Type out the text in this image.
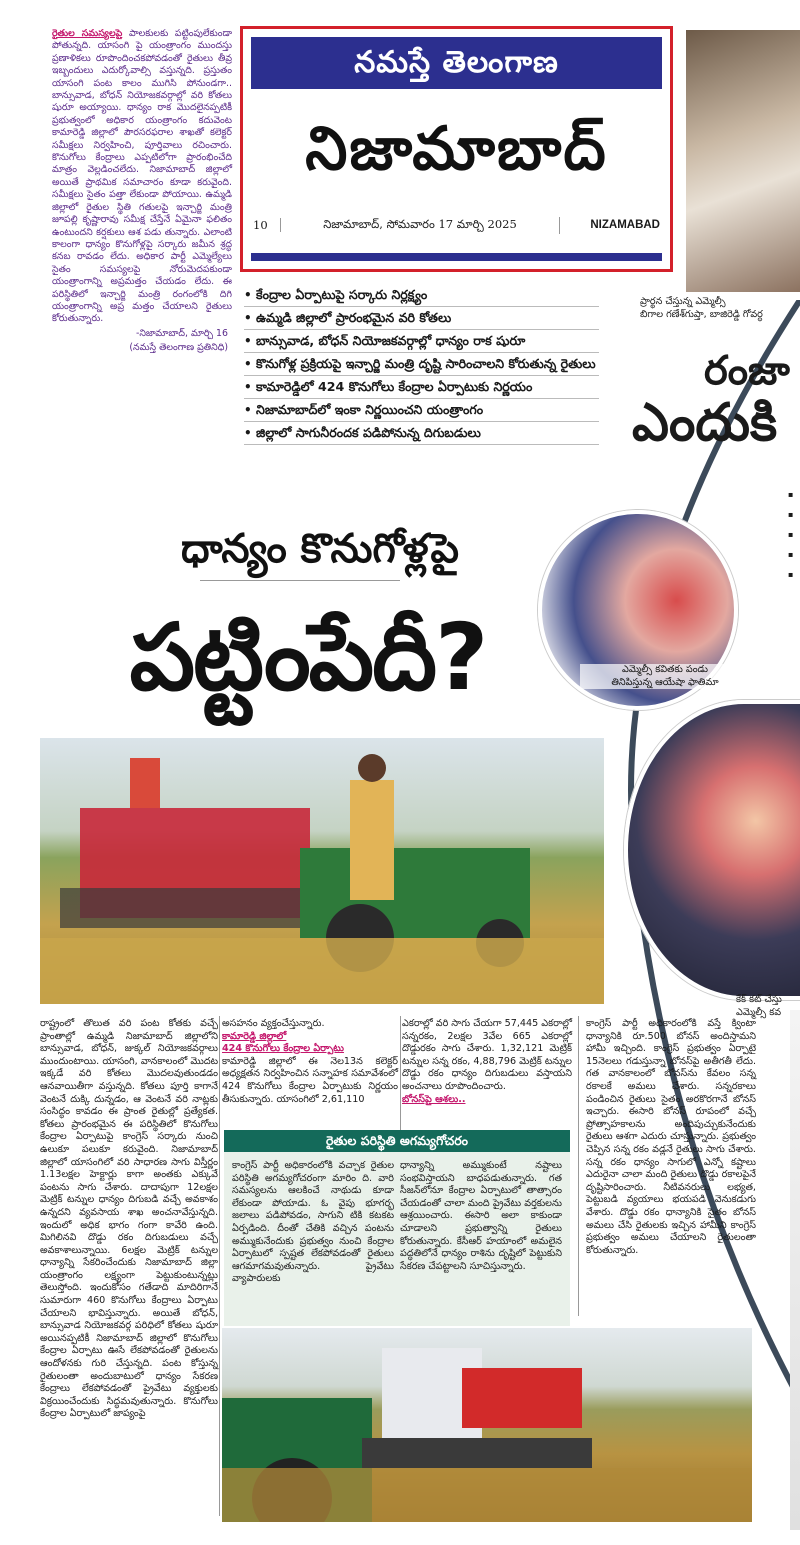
రైతుల సమస్యలపై పాలకులకు పట్టింపులేకుండా పోతున్నది. యాసంగి పై యంత్రాంగం ముందస్తు ప్రణాళికలు రూపొందించకపోవడంతో రైతులు తీవ్ర ఇబ్బందులు ఎదుర్కోవాల్సి వస్తున్నది. ప్రస్తుతం యాసంగి పంట కాలం ముగిసి పోనుండగా.. బాన్సువాడ, బోధన్ నియోజకవర్గాల్లో వరి కోతలు షురూ అయ్యాయి. ధాన్యం రాక మొదలైనప్పటికీ ప్రభుత్వంలో అధికార యంత్రాంగం కదువెంట కామారెడ్డి జిల్లాలో పౌరసరఫరాల శాఖతో కలెక్టర్ సమీక్షలు నిర్వహించి, పూర్తివాలు రచించారు. కొనుగోలు కేంద్రాలు ఎప్పటిలోగా ప్రారంభించేది మాత్రం వెల్లడించలేదు. నిజామాబాద్ జిల్లాలో అయితే ప్రాథమిక సమాచారం కూడా కరువైంది. సమీక్షలు సైతం పత్తా లేకుండా పోయాయి. ఉమ్మడి జిల్లాలో రైతుల స్థితి గతులపై ఇన్చార్జి మంత్రి జూపల్లి కృష్ణారావు సమీక్ష చేస్తేనే ఏమైనా ఫలితం ఉంటుందని కర్షకులు ఆశ పడు తున్నారు. ఎలాంటి కాలంగా ధాన్యం కొనుగోళ్లపై సర్కారు జమీన శ్రద్ధ కనబ రావడం లేదు. అధికార పార్టీ ఎమ్మెల్యేలు సైతం సమస్యలపై నోరుమెదపకుండా యంత్రాంగాన్ని అప్రమత్తం చేయడం లేదు. ఈ పరిస్థితిలో ఇన్చార్జి మంత్రి రంగంలోకి దిగి యంత్రాంగాన్ని అప్ర మత్తం చేయాలని రైతులు కోరుతున్నారు.

-నిజామాబాద్, మార్చి 16

(నమస్తే తెలంగాణ ప్రతినిధి)

నమస్తే తెలంగాణ
నిజామాబాద్
10	నిజామాబాద్, సోమవారం 17 మార్చి 2025	NIZAMABAD
ప్రార్థన చేస్తున్న ఎమ్మెల్సీ
బిగాల గణేశ్‌గుప్తా, బాజిరెడ్డి గోవర్ధ
రంజా
ఎందుకి
▪
▪
▪
▪
▪
• కేంద్రాల ఏర్పాటుపై సర్కారు నిర్లక్ష్యం
• ఉమ్మడి జిల్లాలో ప్రారంభమైన వరి కోతలు
• బాన్సువాడ, బోధన్ నియోజకవర్గాల్లో ధాన్యం రాక షురూ
• కొనుగోళ్ల ప్రక్రియపై ఇన్చార్జి మంత్రి దృష్టి సారించాలని కోరుతున్న రైతులు
• కామారెడ్డిలో 424 కొనుగోలు కేంద్రాల ఏర్పాటుకు నిర్ణయం
• నిజామాబాద్‌లో ఇంకా నిర్ణయించని యంత్రాంగం
• జిల్లాలో సాగునీరందక పడిపోనున్న దిగుబడులు
ఎమ్మెల్సీ కవితకు పండు
తినిపిస్తున్న ఆయేషా ఫాతిమా
కేక్ కట్ చేస్తు
ఎమ్మెల్సీ కవ
ధాన్యం కొనుగోళ్లపై
పట్టింపేదీ?

రాష్ట్రంలో తొలుత వరి పంట కోతకు వచ్చే ప్రాంతాల్లో ఉమ్మడి నిజామాబాద్ జిల్లాలోని బాన్సువాడ, బోధన్, జుక్కల్ నియోజకవర్గాలు ముందుంటాయి. యాసంగి, వానకాలంలో మొదట ఇక్కడే వరి కోతలు మొదలవుతుండడం ఆనవాయితీగా వస్తున్నది. కోతలు పూర్తి కాగానే వెంటనే దుక్కి దున్నడం, ఆ వెంటనే వరి నాట్లకు సంసిద్ధం కావడం ఈ ప్రాంత రైతుల్లో ప్రత్యేకత. కోతలు ప్రారంభమైన ఈ పరిస్థితిలో కొనుగోలు కేంద్రాల ఏర్పాటుపై కాంగ్రెస్ సర్కారు నుంచి ఉలుకూ పలుకూ కరువైంది. నిజామాబాద్ జిల్లాలో యాసంగిలో వరి సాధారణ సాగు విస్తీర్ణం 1.13లక్షల హెక్టార్లు కాగా అంతకు ఎక్కువే పంటను సాగు చేశారు. దాదాపుగా 12లక్షల మెట్రిక్ టన్నుల ధాన్యం దిగుబడి వచ్చే అవకాశం ఉన్నదని వ్యవసాయ శాఖ అంచనావేస్తున్నది. ఇందులో అధిక భాగం గంగా కావేరి ఉంది. మిగిలినవి దొడ్డు రకం దిగుబడులు వచ్చే అవకాశాలున్నాయి. 6లక్షల మెట్రిక్ టన్నుల ధాన్యాన్ని సేకరించేందుకు నిజామాబాద్ జిల్లా యంత్రాంగం లక్ష్యంగా పెట్టుకుంటున్నట్లు తెలుస్తోంది. ఇందుకోసం గతేడాది మాదిరిగానే సుమారుగా 460 కొనుగోలు కేంద్రాలు ఏర్పాటు చేయాలని భావిస్తున్నారు. అయితే బోధన్, బాన్సువాడ నియోజకవర్గ పరిధిలో కోతలు షురూ అయినప్పటికీ నిజామాబాద్ జిల్లాలో కొనుగోలు కేంద్రాల ఏర్పాటు ఊసే లేకపోవడంతో రైతులను ఆందోళనకు గురి చేస్తున్నది. పంట కోస్తున్న రైతులంతా అందుబాటులో ధాన్యం సేకరణ కేంద్రాలు లేకపోవడంతో ప్రైవేటు వ్యక్తులకు విక్రయించేందుకు సిద్ధమవుతున్నారు. కొనుగోలు కేంద్రాల ఏర్పాటులో జాప్యంపై

అసహనం వ్యక్తంచేస్తున్నారు.

కామారెడ్డి జిల్లాలో

424 కొనుగోలు కేంద్రాల ఏర్పాటు

కామారెడ్డి జిల్లాలో ఈ నెల13న కలెక్టర్ అధ్యక్షతన నిర్వహించిన సన్నాహక సమావేశంలో 424 కొనుగోలు కేంద్రాల ఏర్పాటుకు నిర్ణయం తీసుకున్నారు. యాసంగిలో 2,61,110

ఎకరాల్లో వరి సాగు చేయగా 57,445 ఎకరాల్లో సన్నరకం, 2లక్షల 3వేల 665 ఎకరాల్లో దొడ్డురకం సాగు చేశారు. 1,32,121 మెట్రిక్ టన్నుల సన్న రకం, 4,88,796 మెట్రిక్ టన్నుల దొడ్డు రకం ధాన్యం దిగుబడులు వస్తాయని అంచనాలు రూపొందించారు.

బోనస్‌పై ఆశలు..

కాంగ్రెస్ పార్టీ అధికారంలోకి వస్తే క్వింటా ధాన్యానికి రూ.500 బోనస్ అందిస్తామని హామీ ఇచ్చింది. కాంగ్రెస్ ప్రభుత్వం ఏర్పాటై 15నెలలు గడుస్తున్నా బోనస్‌పై అతీగతీ లేదు. గత వానకాలంలో బోనస్‌ను కేవలం సన్న రకాలకే అమలు చేశారు. సన్నరకాలు పండించిన రైతులు సైతం అరకొరగానే బోనస్ ఇచ్చారు. ఈసారి బోనస్ రూపంలో వచ్చే ప్రోత్సాహకాలను అందిపుచ్చుకునేందుకు రైతులు ఆశగా ఎదురు చూస్తున్నారు. ప్రభుత్వం చెప్పిన సన్న రకం వడ్లనే రైతులు సాగు చేశారు. సన్న రకం ధాన్యం సాగులో ఎన్నో కష్టాలు ఎదురైనా చాలా మంది రైతులు దొడ్డు రకాలపైనే దృష్టిసారించారు. నీటివనరులు లభ్యత, పెట్టుబడి వ్యయాలు భయపడి వెనుకడుగు వేశారు. దొడ్డు రకం ధాన్యానికి సైతం బోనస్ అమలు చేసి రైతులకు ఇచ్చిన హామీని కాంగ్రెస్ ప్రభుత్వం అమలు చేయాలని రైతులంతా కోరుతున్నారు.

రైతుల పరిస్థితి అగమ్యగోచరం

కాంగ్రెస్ పార్టీ అధికారంలోకి వచ్చాక రైతుల పరిస్థితి అగమ్యగోచరంగా మారిం ది. వారి సమస్యలను ఆలకించే నాథుడు కూడా లేకుండా పోయాడు. ఓ వైపు భూగర్భ జలాలు పడిపోవడం, సాగుని టికి కటకట ఏర్పడింది. దీంతో చేతికి వచ్చిన పంటను అమ్ముకునేందుకు ప్రభుత్వం నుంచి కేంద్రాల ఏర్పాటులో స్పష్టత లేకపోవడంతో రైతులు ఆగమాగమవుతున్నారు. ప్రైవేటు వ్యాపారులకు

ధాన్యాన్ని అమ్ముకుంటే నష్టాలు సంభవిస్తాయని బాధపడుతున్నారు. గత సీజన్‌లోనూ కేంద్రాల ఏర్పాటులో తాత్సారం చేయడంతో చాలా మంది ప్రైవేటు వర్తకులను ఆశ్రయించారు. ఈసారి అలా కాకుండా చూడాలని ప్రభుత్వాన్ని రైతులు కోరుతున్నారు. కేసీఆర్ హయాంలో అమలైన పద్ధతిలోనే ధాన్యం రాశిను దృష్టిలో పెట్టుకుని సేకరణ చేపట్టాలని సూచిస్తున్నారు.
